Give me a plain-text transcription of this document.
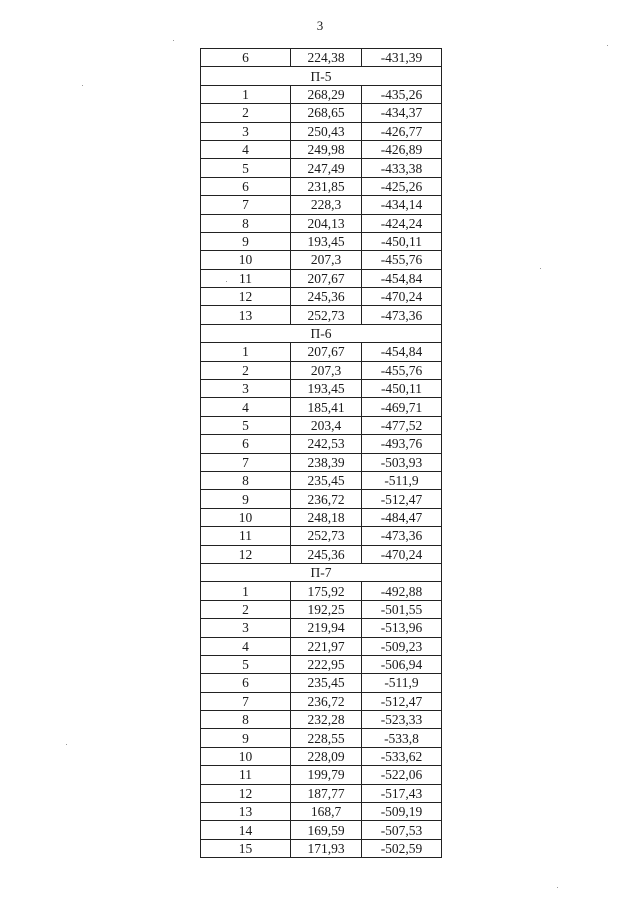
3
6	224,38	-431,39
П-5		
1	268,29	-435,26
2	268,65	-434,37
3	250,43	-426,77
4	249,98	-426,89
5	247,49	-433,38
6	231,85	-425,26
7	228,3	-434,14
8	204,13	-424,24
9	193,45	-450,11
10	207,3	-455,76
11	207,67	-454,84
12	245,36	-470,24
13	252,73	-473,36
П-6		
1	207,67	-454,84
2	207,3	-455,76
3	193,45	-450,11
4	185,41	-469,71
5	203,4	-477,52
6	242,53	-493,76
7	238,39	-503,93
8	235,45	-511,9
9	236,72	-512,47
10	248,18	-484,47
11	252,73	-473,36
12	245,36	-470,24
П-7		
1	175,92	-492,88
2	192,25	-501,55
3	219,94	-513,96
4	221,97	-509,23
5	222,95	-506,94
6	235,45	-511,9
7	236,72	-512,47
8	232,28	-523,33
9	228,55	-533,8
10	228,09	-533,62
11	199,79	-522,06
12	187,77	-517,43
13	168,7	-509,19
14	169,59	-507,53
15	171,93	-502,59
